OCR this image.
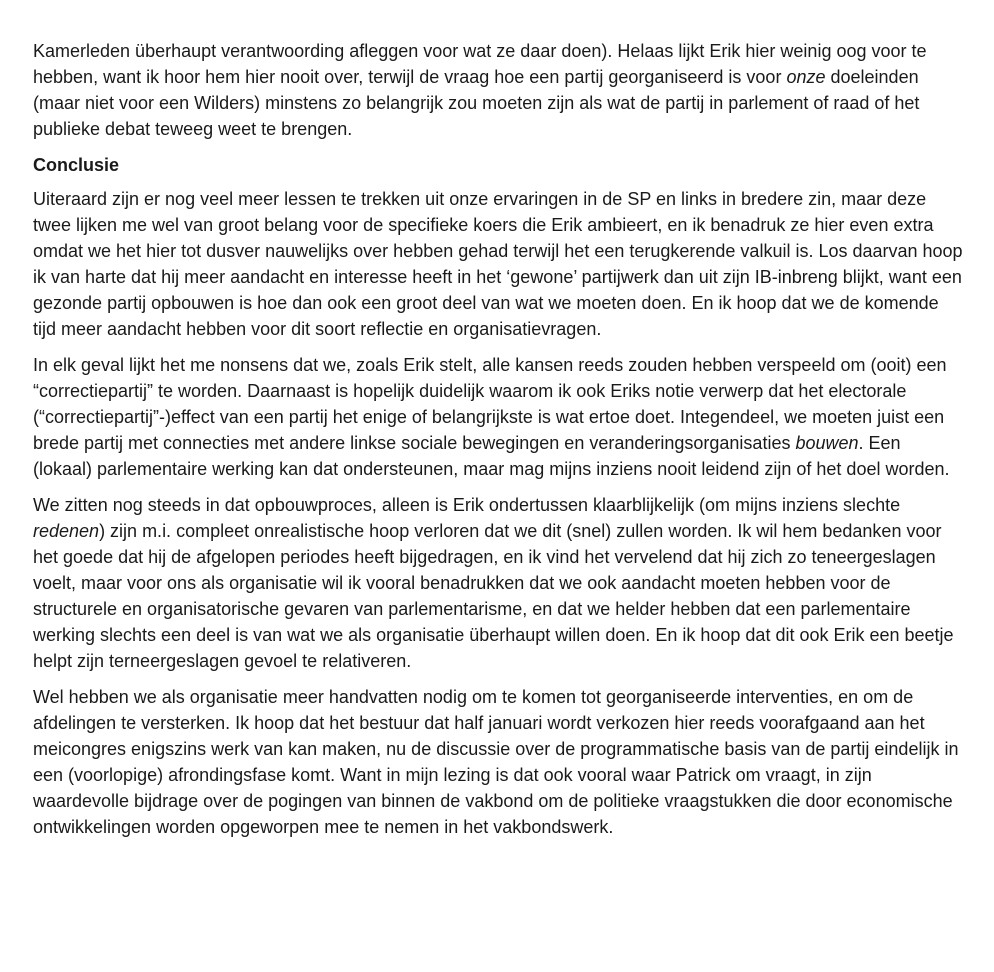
Kamerleden überhaupt verantwoording afleggen voor wat ze daar doen). Helaas lijkt Erik hier weinig oog voor te hebben, want ik hoor hem hier nooit over, terwijl de vraag hoe een partij georganiseerd is voor onze doeleinden (maar niet voor een Wilders) minstens zo belangrijk zou moeten zijn als wat de partij in parlement of raad of het publieke debat teweeg weet te brengen.

Conclusie

Uiteraard zijn er nog veel meer lessen te trekken uit onze ervaringen in de SP en links in bredere zin, maar deze twee lijken me wel van groot belang voor de specifieke koers die Erik ambieert, en ik benadruk ze hier even extra omdat we het hier tot dusver nauwelijks over hebben gehad terwijl het een terugkerende valkuil is. Los daarvan hoop ik van harte dat hij meer aandacht en interesse heeft in het ‘gewone’ partijwerk dan uit zijn IB-inbreng blijkt, want een gezonde partij opbouwen is hoe dan ook een groot deel van wat we moeten doen. En ik hoop dat we de komende tijd meer aandacht hebben voor dit soort reflectie en organisatievragen.

In elk geval lijkt het me nonsens dat we, zoals Erik stelt, alle kansen reeds zouden hebben verspeeld om (ooit) een “correctiepartij” te worden. Daarnaast is hopelijk duidelijk waarom ik ook Eriks notie verwerp dat het electorale (“correctiepartij”-)effect van een partij het enige of belangrijkste is wat ertoe doet. Integendeel, we moeten juist een brede partij met connecties met andere linkse sociale bewegingen en veranderingsorganisaties bouwen. Een (lokaal) parlementaire werking kan dat ondersteunen, maar mag mijns inziens nooit leidend zijn of het doel worden.

We zitten nog steeds in dat opbouwproces, alleen is Erik ondertussen klaarblijkelijk (om mijns inziens slechte redenen) zijn m.i. compleet onrealistische hoop verloren dat we dit (snel) zullen worden. Ik wil hem bedanken voor het goede dat hij de afgelopen periodes heeft bijgedragen, en ik vind het vervelend dat hij zich zo teneergeslagen voelt, maar voor ons als organisatie wil ik vooral benadrukken dat we ook aandacht moeten hebben voor de structurele en organisatorische gevaren van parlementarisme, en dat we helder hebben dat een parlementaire werking slechts een deel is van wat we als organisatie überhaupt willen doen. En ik hoop dat dit ook Erik een beetje helpt zijn terneergeslagen gevoel te relativeren.

Wel hebben we als organisatie meer handvatten nodig om te komen tot georganiseerde interventies, en om de afdelingen te versterken. Ik hoop dat het bestuur dat half januari wordt verkozen hier reeds voorafgaand aan het meicongres enigszins werk van kan maken, nu de discussie over de programmatische basis van de partij eindelijk in een (voorlopige) afrondingsfase komt. Want in mijn lezing is dat ook vooral waar Patrick om vraagt, in zijn waardevolle bijdrage over de pogingen van binnen de vakbond om de politieke vraagstukken die door economische ontwikkelingen worden opgeworpen mee te nemen in het vakbondswerk.
